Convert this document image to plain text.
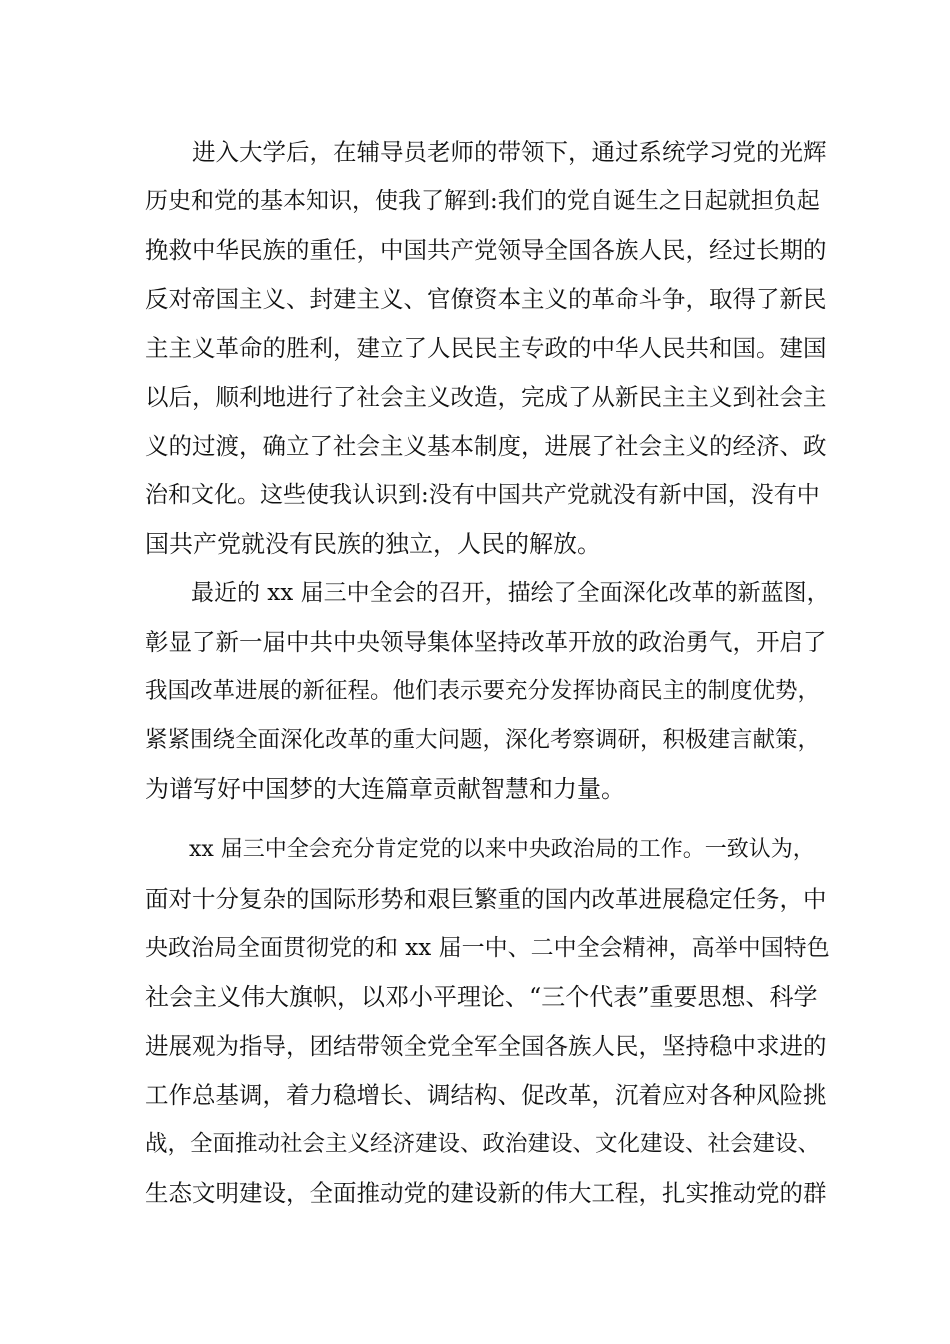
　　进入大学后，在辅导员老师的带领下，通过系统学习党的光辉
历史和党的基本知识，使我了解到:我们的党自诞生之日起就担负起
挽救中华民族的重任，中国共产党领导全国各族人民，经过长期的
反对帝国主义、封建主义、官僚资本主义的革命斗争，取得了新民
主主义革命的胜利，建立了人民民主专政的中华人民共和国。建国
以后，顺利地进行了社会主义改造，完成了从新民主主义到社会主
义的过渡，确立了社会主义基本制度，进展了社会主义的经济、政
治和文化。这些使我认识到:没有中国共产党就没有新中国，没有中
国共产党就没有民族的独立，人民的解放。
　　最近的 xx 届三中全会的召开，描绘了全面深化改革的新蓝图，
彰显了新一届中共中央领导集体坚持改革开放的政治勇气，开启了
我国改革进展的新征程。他们表示要充分发挥协商民主的制度优势，
紧紧围绕全面深化改革的重大问题，深化考察调研，积极建言献策，
为谱写好中国梦的大连篇章贡献智慧和力量。
　　xx 届三中全会充分肯定党的以来中央政治局的工作。一致认为，
面对十分复杂的国际形势和艰巨繁重的国内改革进展稳定任务，中
央政治局全面贯彻党的和 xx 届一中、二中全会精神，高举中国特色
社会主义伟大旗帜，以邓小平理论、“三个代表”重要思想、科学
进展观为指导，团结带领全党全军全国各族人民，坚持稳中求进的
工作总基调，着力稳增长、调结构、促改革，沉着应对各种风险挑
战，全面推动社会主义经济建设、政治建设、文化建设、社会建设、
生态文明建设，全面推动党的建设新的伟大工程，扎实推动党的群
